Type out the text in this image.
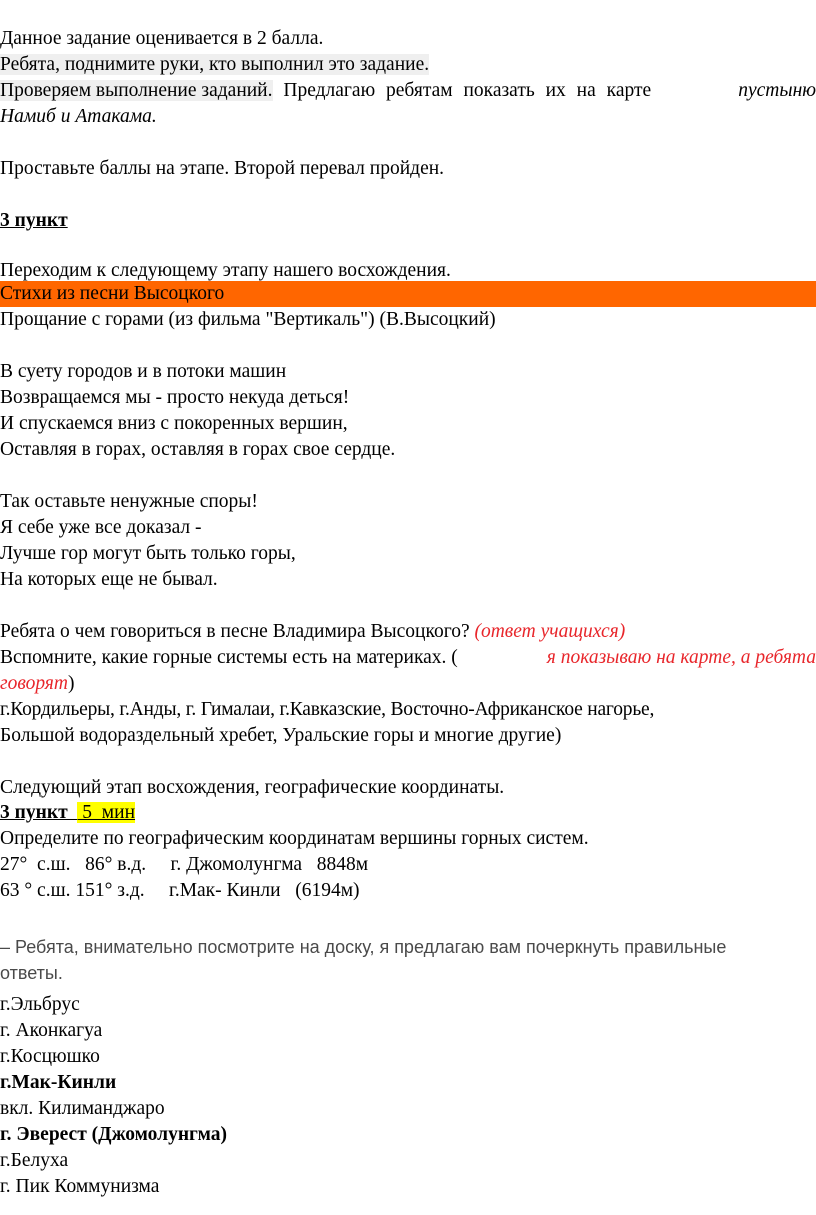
Данное задание оценивается в 2 балла.
Ребята, поднимите руки, кто выполнил это задание.
Проверяем выполнение заданий. Предлагаю ребятам показать их на карте	пустыню
Намиб и Атакама.
Проставьте баллы на этапе. Второй перевал пройден.
3 пункт
Переходим к следующему этапу нашего восхождения.
Стихи из песни Высоцкого
Прощание с горами (из фильма "Вертикаль") (В.Высоцкий)
В суету городов и в потоки машин
Возвращаемся мы - просто некуда деться!
И спускаемся вниз с покоренных вершин,
Оставляя в горах, оставляя в горах свое сердце.
Так оставьте ненужные споры!
Я себе уже все доказал -
Лучше гор могут быть только горы,
На которых еще не бывал.
Ребята о чем говориться в песне Владимира Высоцкого? (ответ учащихся)
Вспомните, какие горные системы есть на материках. (	я показываю на карте, а ребята
говорят)
г.Кордильеры, г.Анды, г. Гималаи, г.Кавказские, Восточно-Африканское нагорье,
Большой водораздельный хребет, Уральские горы и многие другие)
Следующий этап восхождения, географические координаты.
3 пункт   5  мин
Определите по географическим координатам вершины горных систем.
27°  с.ш.   86° в.д.     г. Джомолунгма   8848м
63 ° с.ш. 151° з.д.     г.Мак- Кинли   (6194м)
– Ребята, внимательно посмотрите на доску, я предлагаю вам почеркнуть правильные
ответы.
г.Эльбрус
г. Аконкагуа
г.Косцюшко
г.Мак-Кинли
вкл. Килиманджаро
г. Эверест (Джомолунгма)
г.Белуха
г. Пик Коммунизма
